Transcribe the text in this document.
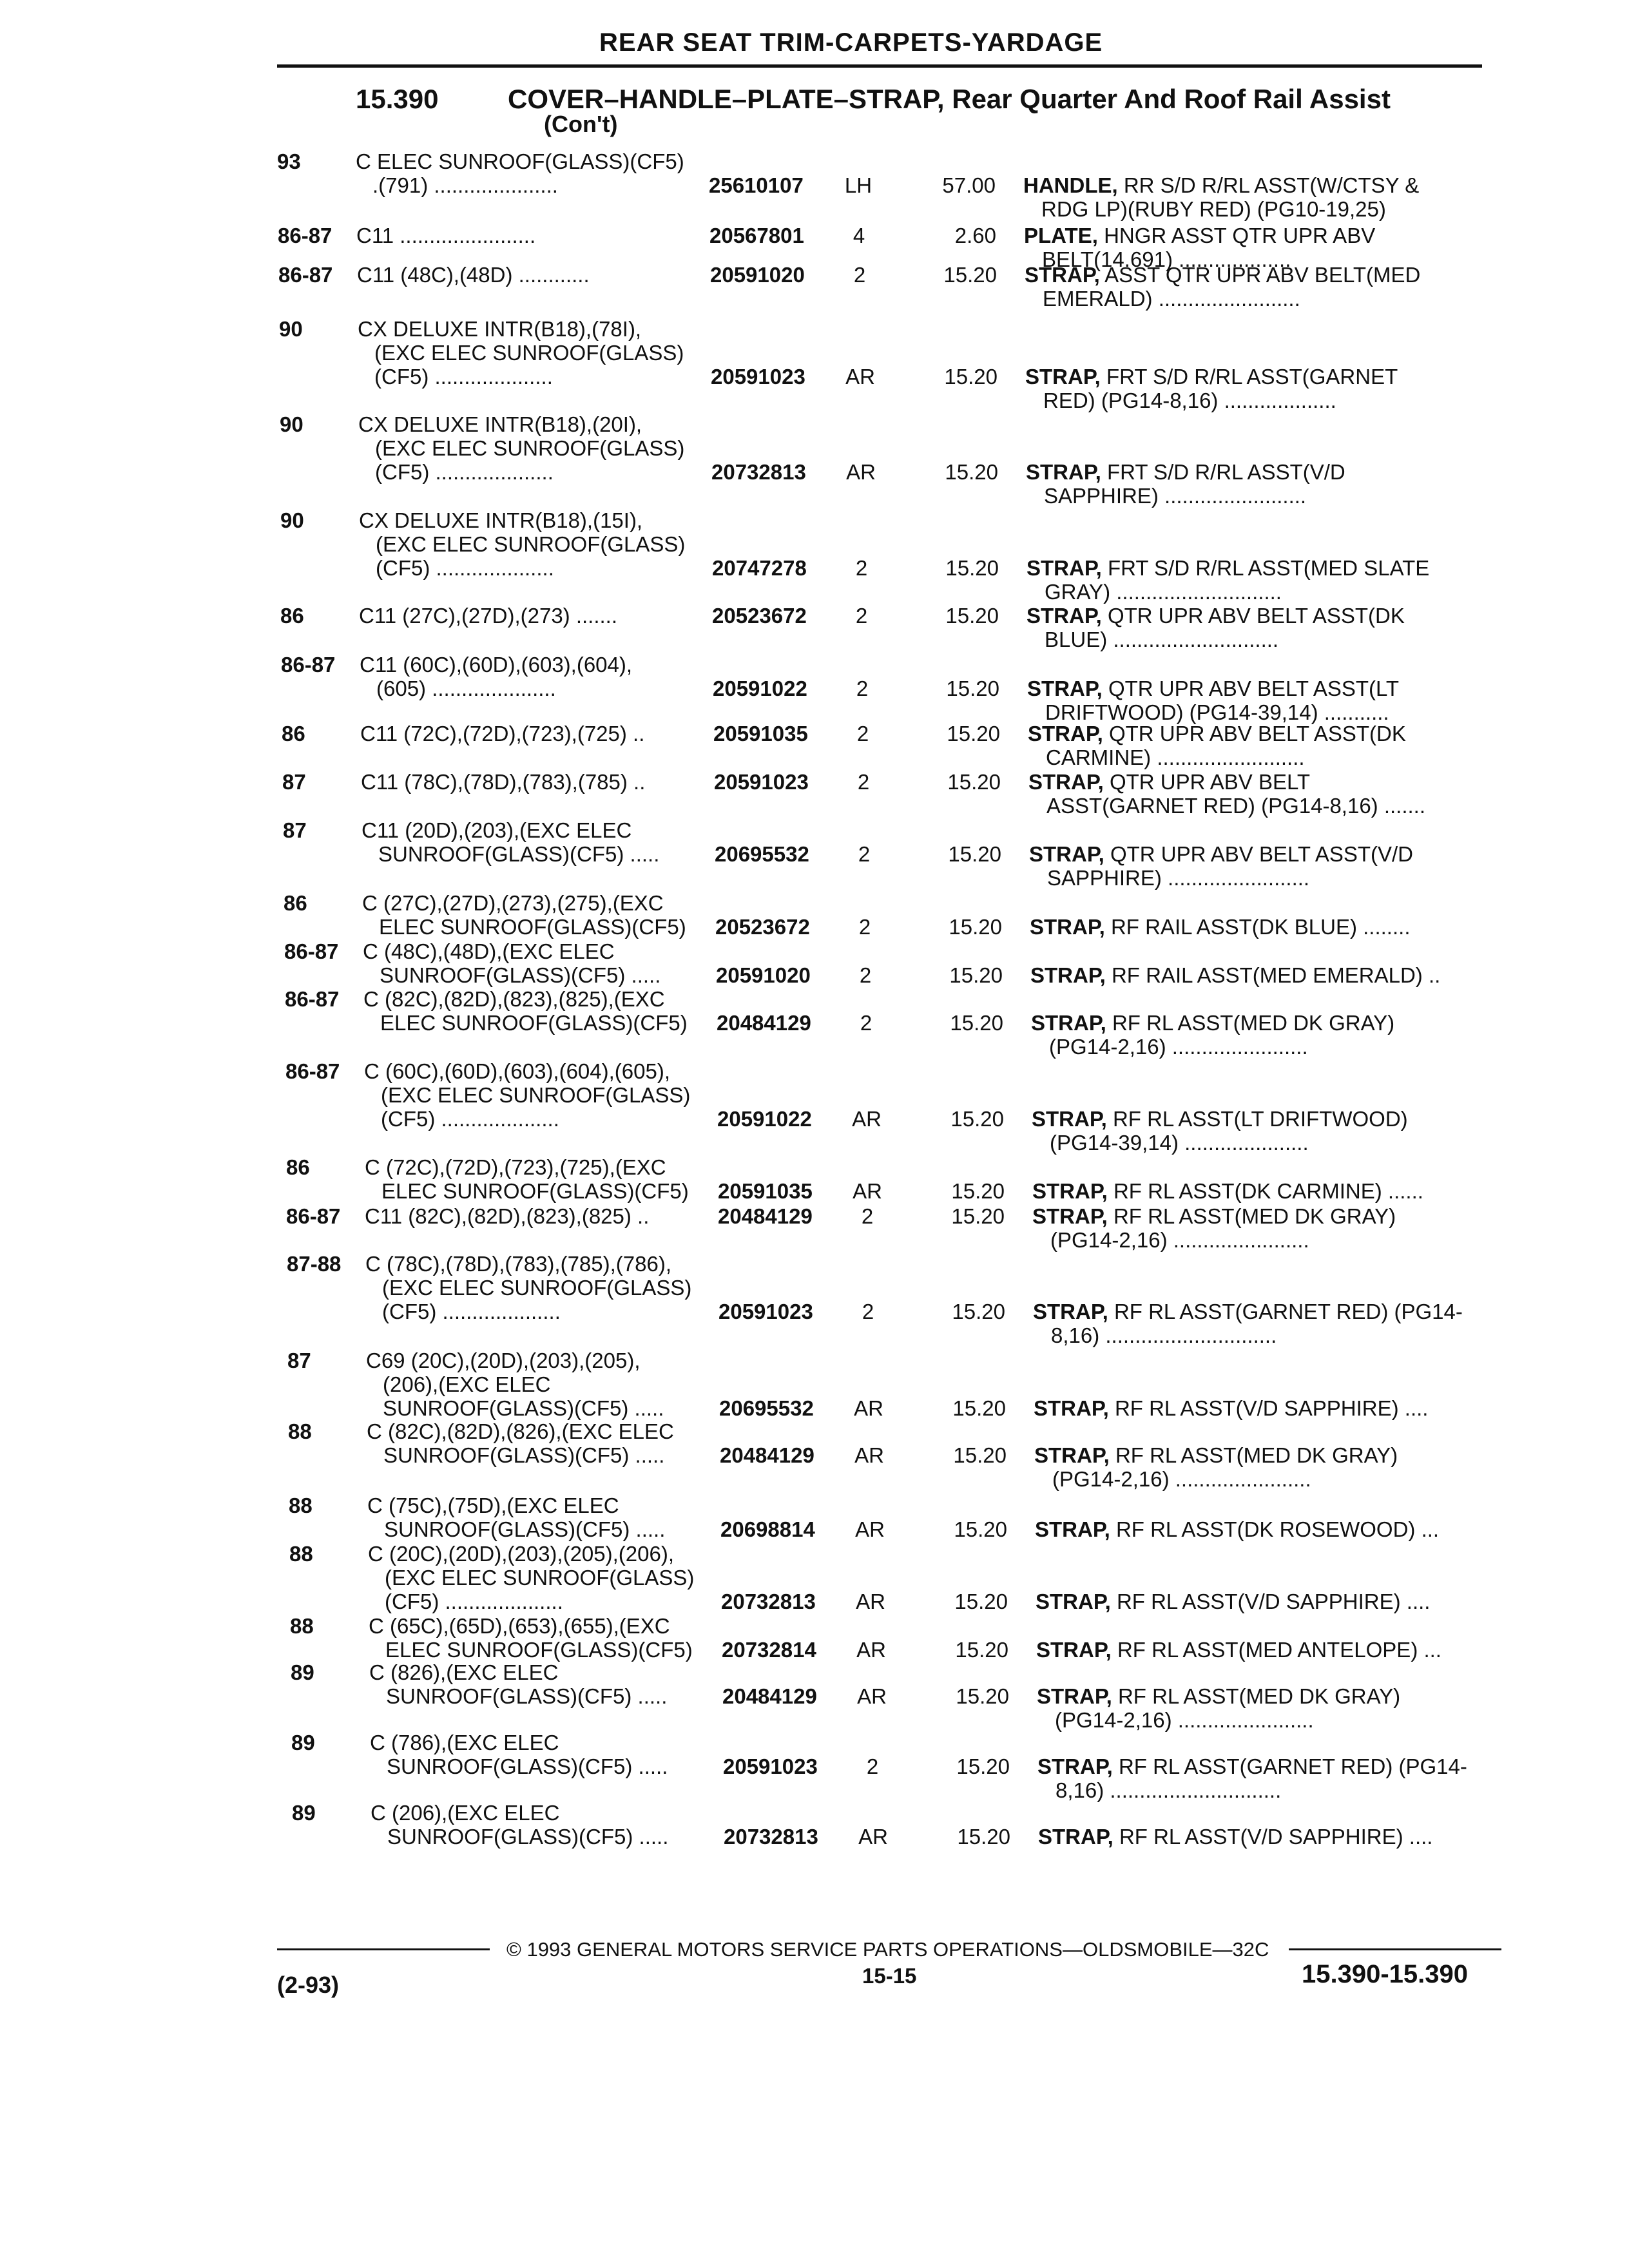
REAR SEAT TRIM-CARPETS-YARDAGE
15.390	COVER–HANDLE–PLATE–STRAP, Rear Quarter And Roof Rail Assist
(Con't)
93	C ELEC SUNROOF(GLASS)(CF5)
.(791) .....................	25610107 LH	57.00 HANDLE, RR S/D R/RL ASST(W/CTSY &
RDG LP)(RUBY RED) (PG10-19,25)
86-87 C11 .......................	20567801	4	2.60 PLATE, HNGR ASST QTR UPR ABV
BELT(14.691) ...................
86-87 C11 (48C),(48D) ............	20591020	2	15.20 STRAP, ASST QTR UPR ABV BELT(MED
EMERALD) ........................
90	CX DELUXE INTR(B18),(78I),
(EXC ELEC SUNROOF(GLASS)
(CF5) ....................	20591023 AR	15.20 STRAP, FRT S/D R/RL ASST(GARNET
RED) (PG14-8,16) ...................
90	CX DELUXE INTR(B18),(20I),
(EXC ELEC SUNROOF(GLASS)
(CF5) ....................	20732813 AR	15.20 STRAP, FRT S/D R/RL ASST(V/D
SAPPHIRE) ........................
90	CX DELUXE INTR(B18),(15I),
(EXC ELEC SUNROOF(GLASS)
(CF5) ....................	20747278	2	15.20 STRAP, FRT S/D R/RL ASST(MED SLATE
GRAY) ............................
86	C11 (27C),(27D),(273) .......	20523672	2	15.20 STRAP, QTR UPR ABV BELT ASST(DK
BLUE) ............................
86-87 C11 (60C),(60D),(603),(604),
(605) .....................	20591022	2	15.20 STRAP, QTR UPR ABV BELT ASST(LT
DRIFTWOOD) (PG14-39,14) ...........
86	C11 (72C),(72D),(723),(725) ..	20591035	2	15.20 STRAP, QTR UPR ABV BELT ASST(DK
CARMINE) .........................
87	C11 (78C),(78D),(783),(785) ..	20591023	2	15.20 STRAP, QTR UPR ABV BELT
ASST(GARNET RED) (PG14-8,16) .......
87	C11 (20D),(203),(EXC ELEC
SUNROOF(GLASS)(CF5) .....	20695532	2	15.20 STRAP, QTR UPR ABV BELT ASST(V/D
SAPPHIRE) ........................
86	C (27C),(27D),(273),(275),(EXC
ELEC SUNROOF(GLASS)(CF5)	20523672	2	15.20 STRAP, RF RAIL ASST(DK BLUE) ........
86-87 C (48C),(48D),(EXC ELEC
SUNROOF(GLASS)(CF5) .....	20591020	2	15.20 STRAP, RF RAIL ASST(MED EMERALD) ..
86-87 C (82C),(82D),(823),(825),(EXC
ELEC SUNROOF(GLASS)(CF5)	20484129	2	15.20 STRAP, RF RL ASST(MED DK GRAY)
(PG14-2,16) .......................
86-87 C (60C),(60D),(603),(604),(605),
(EXC ELEC SUNROOF(GLASS)
(CF5) ....................	20591022 AR	15.20 STRAP, RF RL ASST(LT DRIFTWOOD)
(PG14-39,14) .....................
86	C (72C),(72D),(723),(725),(EXC
ELEC SUNROOF(GLASS)(CF5)	20591035 AR	15.20 STRAP, RF RL ASST(DK CARMINE) ......
86-87 C11 (82C),(82D),(823),(825) ..	20484129	2	15.20 STRAP, RF RL ASST(MED DK GRAY)
(PG14-2,16) .......................
87-88 C (78C),(78D),(783),(785),(786),
(EXC ELEC SUNROOF(GLASS)
(CF5) ....................	20591023	2	15.20 STRAP, RF RL ASST(GARNET RED) (PG14-
8,16) .............................
87	C69 (20C),(20D),(203),(205),
(206),(EXC ELEC
SUNROOF(GLASS)(CF5) .....	20695532 AR	15.20 STRAP, RF RL ASST(V/D SAPPHIRE) ....
88	C (82C),(82D),(826),(EXC ELEC
SUNROOF(GLASS)(CF5) .....	20484129 AR	15.20 STRAP, RF RL ASST(MED DK GRAY)
(PG14-2,16) .......................
88	C (75C),(75D),(EXC ELEC
SUNROOF(GLASS)(CF5) .....	20698814 AR	15.20 STRAP, RF RL ASST(DK ROSEWOOD) ...
88	C (20C),(20D),(203),(205),(206),
(EXC ELEC SUNROOF(GLASS)
(CF5) ....................	20732813 AR	15.20 STRAP, RF RL ASST(V/D SAPPHIRE) ....
88	C (65C),(65D),(653),(655),(EXC
ELEC SUNROOF(GLASS)(CF5)	20732814 AR	15.20 STRAP, RF RL ASST(MED ANTELOPE) ...
89	C (826),(EXC ELEC
SUNROOF(GLASS)(CF5) .....	20484129 AR	15.20 STRAP, RF RL ASST(MED DK GRAY)
(PG14-2,16) .......................
89	C (786),(EXC ELEC
SUNROOF(GLASS)(CF5) .....	20591023	2	15.20 STRAP, RF RL ASST(GARNET RED) (PG14-
8,16) .............................
89	C (206),(EXC ELEC
SUNROOF(GLASS)(CF5) .....	20732813 AR	15.20 STRAP, RF RL ASST(V/D SAPPHIRE) ....
© 1993 GENERAL MOTORS SERVICE PARTS OPERATIONS—OLDSMOBILE—32C
15-15
(2-93)	15.390-15.390
